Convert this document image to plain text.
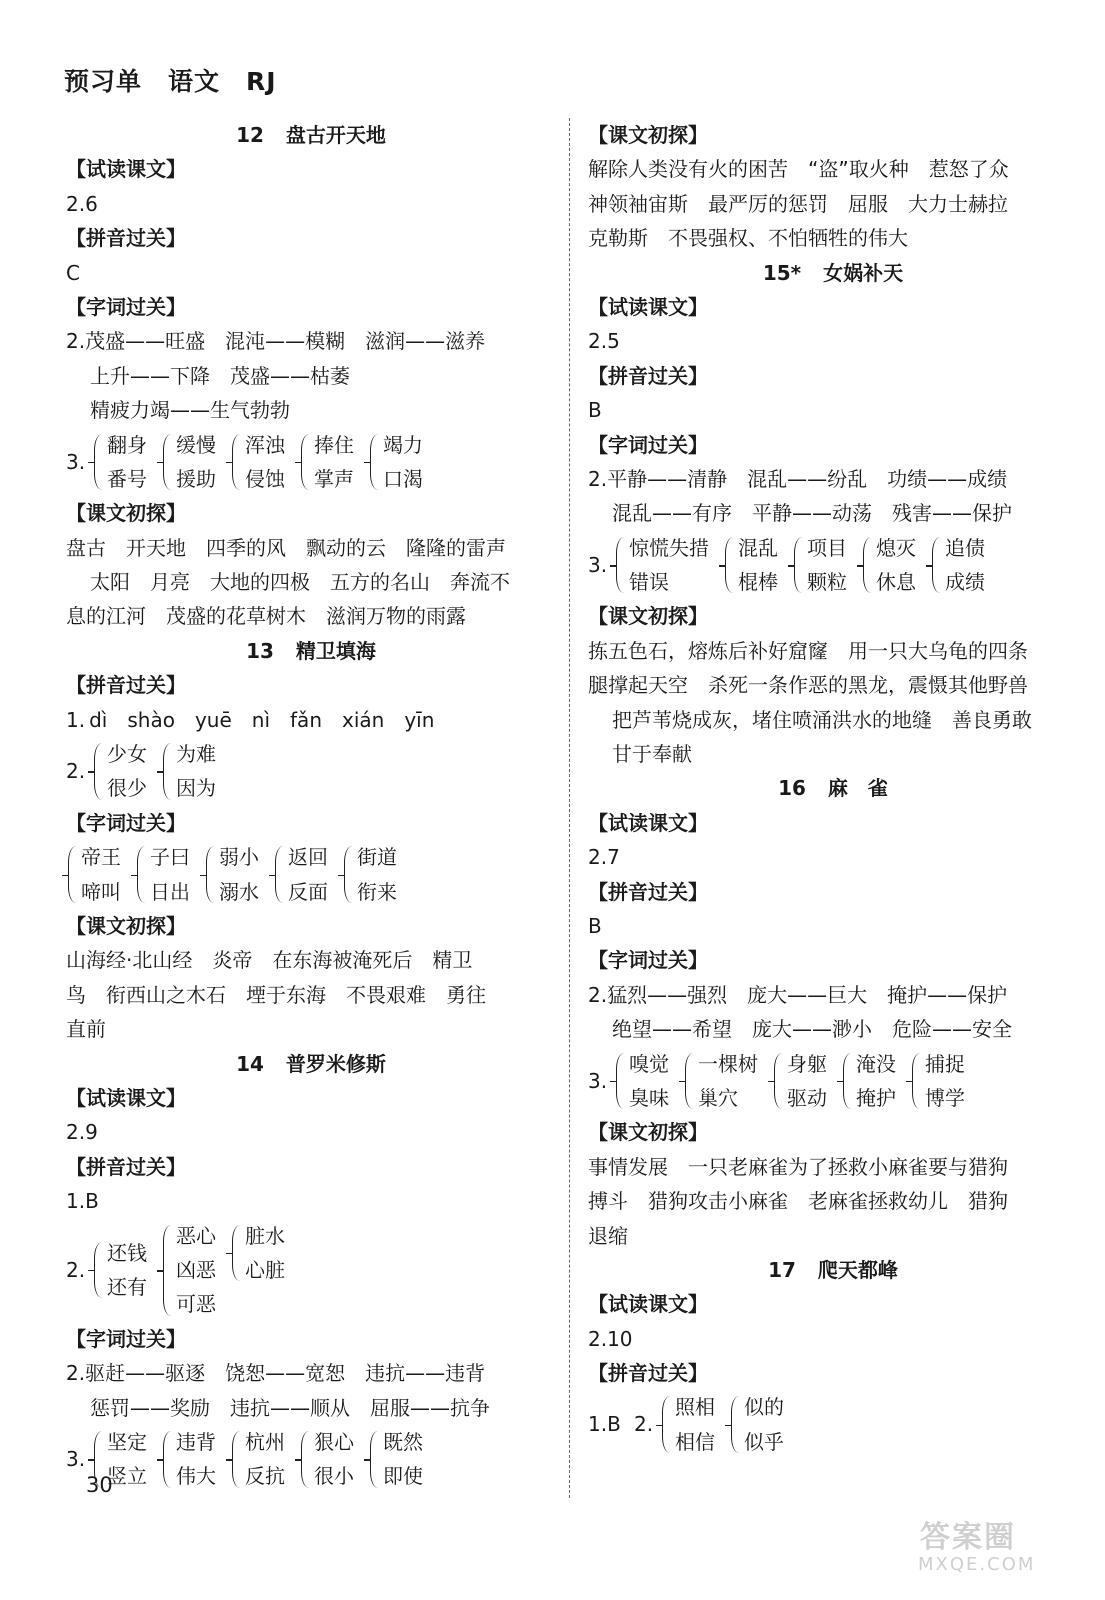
预习单 语文 RJ
12 盘古开天地
【试读课文】
2.6
【拼音过关】
C
【字词过关】
2.茂盛——旺盛 混沌——模糊 滋润——滋养
上升——下降 茂盛——枯萎
精疲力竭——生气勃勃
3.
翻身
番号
缓慢
援助
浑浊
侵蚀
捧住
掌声
竭力
口渴
【课文初探】
盘古　开天地　四季的风　飘动的云　隆隆的雷声
太阳　月亮　大地的四极　五方的名山　奔流不
息的江河　茂盛的花草树木　滋润万物的雨露
13 精卫填海
【拼音过关】
1. dì shào yuē nì fǎn xián yīn
2.
少女
很少
为难
因为
【字词过关】
帝王
啼叫
子曰
日出
弱小
溺水
返回
反面
街道
衔来
【课文初探】
山海经·北山经　炎帝　在东海被淹死后　精卫
鸟　衔西山之木石　堙于东海　不畏艰难　勇往
直前
14 普罗米修斯
【试读课文】
2.9
【拼音过关】
1.B
2.
还钱
还有
恶心
凶恶
可恶
脏水
心脏
【字词过关】
2.驱赶——驱逐 饶恕——宽恕 违抗——违背
惩罚——奖励 违抗——顺从 屈服——抗争
3.
坚定
竖立
违背
伟大
杭州
反抗
狠心
很小
既然
即使
【课文初探】
解除人类没有火的困苦　“盗”取火种　惹怒了众
神领袖宙斯　最严厉的惩罚　屈服　大力士赫拉
克勒斯　不畏强权、不怕牺牲的伟大
15* 女娲补天
【试读课文】
2.5
【拼音过关】
B
【字词过关】
2.平静——清静 混乱——纷乱 功绩——成绩
混乱——有序 平静——动荡 残害——保护
3.
惊慌失措
错误
混乱
棍棒
项目
颗粒
熄灭
休息
追债
成绩
【课文初探】
拣五色石，熔炼后补好窟窿　用一只大乌龟的四条
腿撑起天空　杀死一条作恶的黑龙，震慑其他野兽
把芦苇烧成灰，堵住喷涌洪水的地缝　善良勇敢
甘于奉献
16 麻　雀
【试读课文】
2.7
【拼音过关】
B
【字词过关】
2.猛烈——强烈 庞大——巨大 掩护——保护
绝望——希望 庞大——渺小 危险——安全
3.
嗅觉
臭味
一棵树
巢穴
身躯
驱动
淹没
掩护
捕捉
博学
【课文初探】
事情发展　一只老麻雀为了拯救小麻雀要与猎狗
搏斗　猎狗攻击小麻雀　老麻雀拯救幼儿　猎狗
退缩
17 爬天都峰
【试读课文】
2.10
【拼音过关】
1.B 2.
照相
相信
似的
似乎
30
答案圈
MXQE.COM
